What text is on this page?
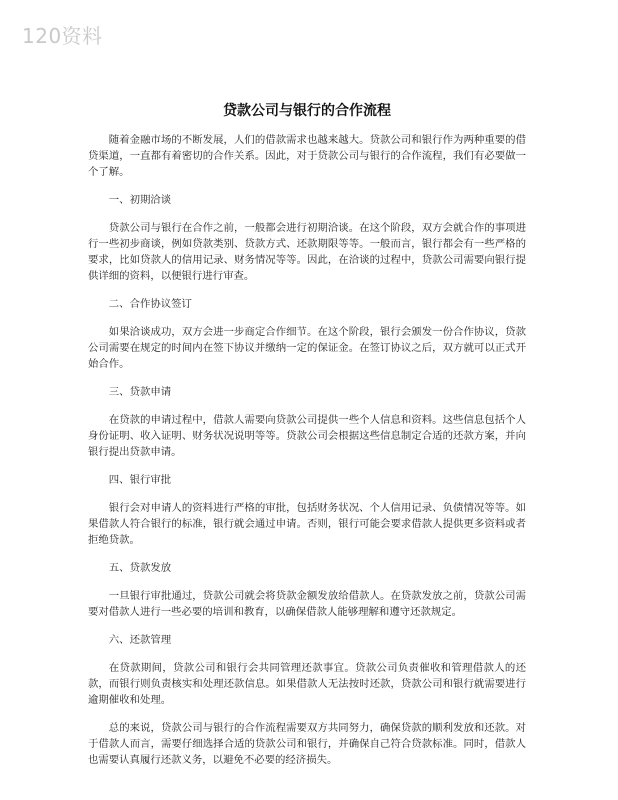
120资料
贷款公司与银行的合作流程

随着金融市场的不断发展，人们的借款需求也越来越大。贷款公司和银行作为两种重要的借贷渠道，一直都有着密切的合作关系。因此，对于贷款公司与银行的合作流程，我们有必要做一个了解。

一、初期洽谈

贷款公司与银行在合作之前，一般都会进行初期洽谈。在这个阶段，双方会就合作的事项进行一些初步商谈，例如贷款类别、贷款方式、还款期限等等。一般而言，银行都会有一些严格的要求，比如贷款人的信用记录、财务情况等等。因此，在洽谈的过程中，贷款公司需要向银行提供详细的资料，以便银行进行审查。

二、合作协议签订

如果洽谈成功，双方会进一步商定合作细节。在这个阶段，银行会颁发一份合作协议，贷款公司需要在规定的时间内在签下协议并缴纳一定的保证金。在签订协议之后，双方就可以正式开始合作。

三、贷款申请

在贷款的申请过程中，借款人需要向贷款公司提供一些个人信息和资料。这些信息包括个人身份证明、收入证明、财务状况说明等等。贷款公司会根据这些信息制定合适的还款方案，并向银行提出贷款申请。

四、银行审批

银行会对申请人的资料进行严格的审批，包括财务状况、个人信用记录、负债情况等等。如果借款人符合银行的标准，银行就会通过申请。否则，银行可能会要求借款人提供更多资料或者拒绝贷款。

五、贷款发放

一旦银行审批通过，贷款公司就会将贷款金额发放给借款人。在贷款发放之前，贷款公司需要对借款人进行一些必要的培训和教育，以确保借款人能够理解和遵守还款规定。

六、还款管理

在贷款期间，贷款公司和银行会共同管理还款事宜。贷款公司负责催收和管理借款人的还款，而银行则负责核实和处理还款信息。如果借款人无法按时还款，贷款公司和银行就需要进行逾期催收和处理。

总的来说，贷款公司与银行的合作流程需要双方共同努力，确保贷款的顺利发放和还款。对于借款人而言，需要仔细选择合适的贷款公司和银行，并确保自己符合贷款标准。同时，借款人也需要认真履行还款义务，以避免不必要的经济损失。
